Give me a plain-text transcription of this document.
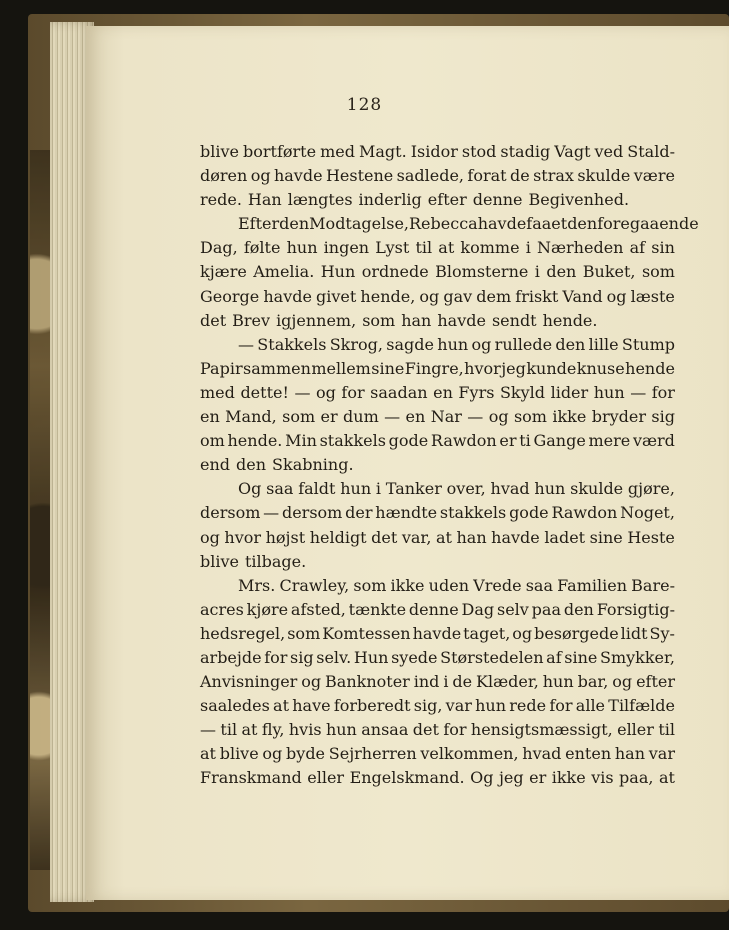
128
blive bortførte med Magt. Isidor stod stadig Vagt ved Stald-
døren og havde Hestene sadlede, forat de strax skulde være
rede. Han længtes inderlig efter denne Begivenhed.
Efter den Modtagelse, Rebecca havde faaet den foregaaende
Dag, følte hun ingen Lyst til at komme i Nærheden af sin
kjære Amelia. Hun ordnede Blomsterne i den Buket, som
George havde givet hende, og gav dem friskt Vand og læste
det Brev igjennem, som han havde sendt hende.
— Stakkels Skrog, sagde hun og rullede den lille Stump
Papir sammen mellem sine Fingre, hvor jeg kunde knuse hende
med dette! — og for saadan en Fyrs Skyld lider hun — for
en Mand, som er dum — en Nar — og som ikke bryder sig
om hende. Min stakkels gode Rawdon er ti Gange mere værd
end den Skabning.
Og saa faldt hun i Tanker over, hvad hun skulde gjøre,
dersom — dersom der hændte stakkels gode Rawdon Noget,
og hvor højst heldigt det var, at han havde ladet sine Heste
blive tilbage.
Mrs. Crawley, som ikke uden Vrede saa Familien Bare-
acres kjøre afsted, tænkte denne Dag selv paa den Forsigtig-
hedsregel, som Komtessen havde taget, og besørgede lidt Sy-
arbejde for sig selv. Hun syede Størstedelen af sine Smykker,
Anvisninger og Banknoter ind i de Klæder, hun bar, og efter
saaledes at have forberedt sig, var hun rede for alle Tilfælde
— til at fly, hvis hun ansaa det for hensigtsmæssigt, eller til
at blive og byde Sejrherren velkommen, hvad enten han var
Franskmand eller Engelskmand. Og jeg er ikke vis paa, at
